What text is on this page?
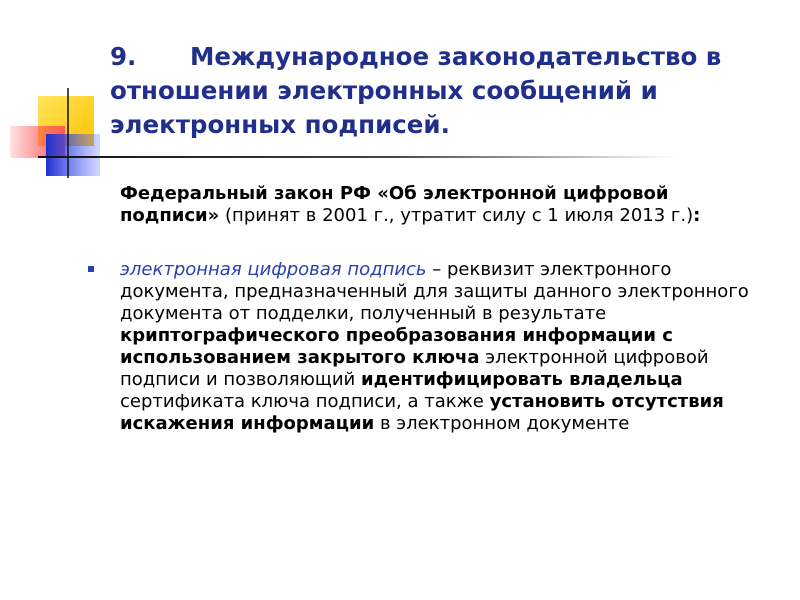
9. Международное законодательство в отношении электронных сообщений и электронных подписей.
Федеральный закон РФ «Об электронной цифровой подписи» (принят в 2001 г., утратит силу с 1 июля 2013 г.):
электронная цифровая подпись – реквизит электронного документа, предназначенный для защиты данного электронного документа от подделки, полученный в результате криптографического преобразования информации с использованием закрытого ключа электронной цифровой подписи и позволяющий идентифицировать владельца сертификата ключа подписи, а также установить отсутствия искажения информации в электронном документе
